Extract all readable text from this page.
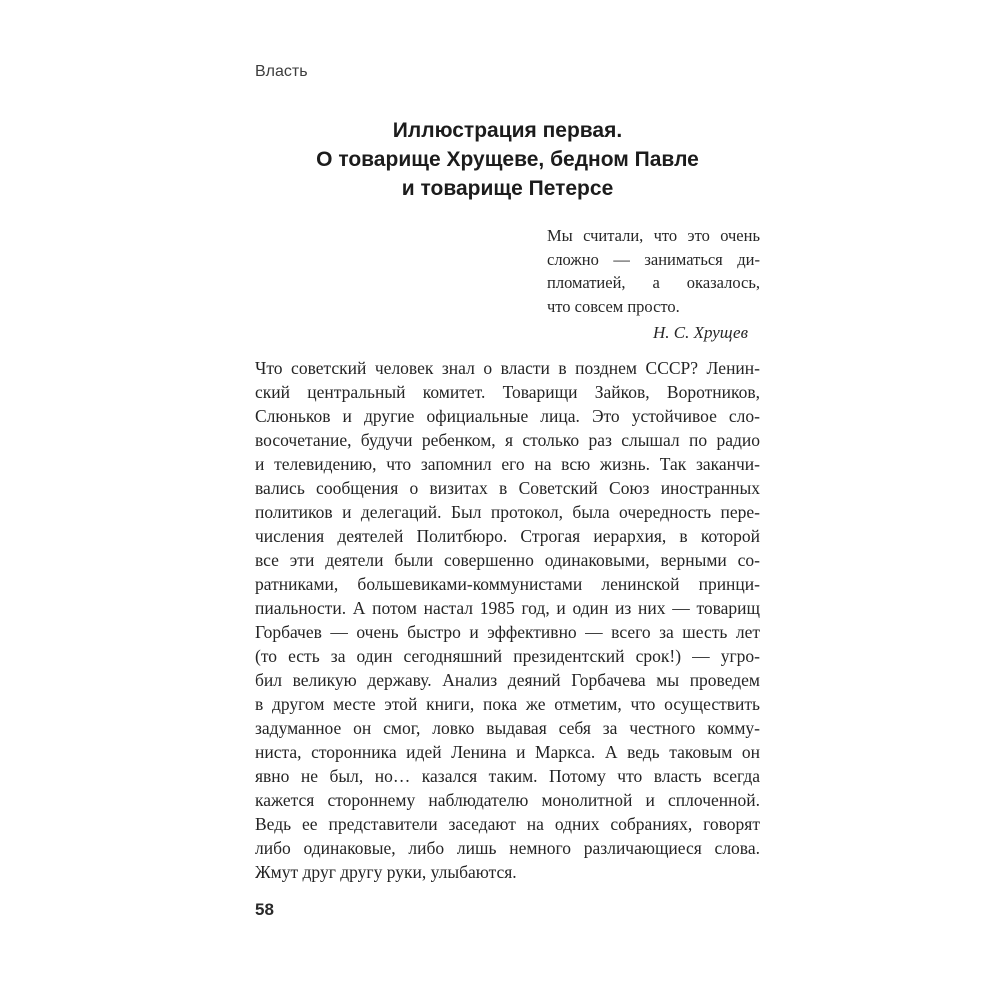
Власть
Иллюстрация первая.
О товарище Хрущеве, бедном Павле
и товарище Петерсе
Мы считали, что это очень
сложно — заниматься ди-
пломатией, а оказалось,
что совсем просто.
Н. С. Хрущев
Что советский человек знал о власти в позднем СССР? Ленин-
ский центральный комитет. Товарищи Зайков, Воротников,
Слюньков и другие официальные лица. Это устойчивое сло-
восочетание, будучи ребенком, я столько раз слышал по радио
и телевидению, что запомнил его на всю жизнь. Так заканчи-
вались сообщения о визитах в Советский Союз иностранных
политиков и делегаций. Был протокол, была очередность пере-
числения деятелей Политбюро. Строгая иерархия, в которой
все эти деятели были совершенно одинаковыми, верными со-
ратниками, большевиками-коммунистами ленинской принци-
пиальности. А потом настал 1985 год, и один из них — товарищ
Горбачев — очень быстро и эффективно — всего за шесть лет
(то есть за один сегодняшний президентский срок!) — угро-
бил великую державу. Анализ деяний Горбачева мы проведем
в другом месте этой книги, пока же отметим, что осуществить
задуманное он смог, ловко выдавая себя за честного комму-
ниста, сторонника идей Ленина и Маркса. А ведь таковым он
явно не был, но… казался таким. Потому что власть всегда
кажется стороннему наблюдателю монолитной и сплоченной.
Ведь ее представители заседают на одних собраниях, говорят
либо одинаковые, либо лишь немного различающиеся слова.
Жмут друг другу руки, улыбаются.
58
